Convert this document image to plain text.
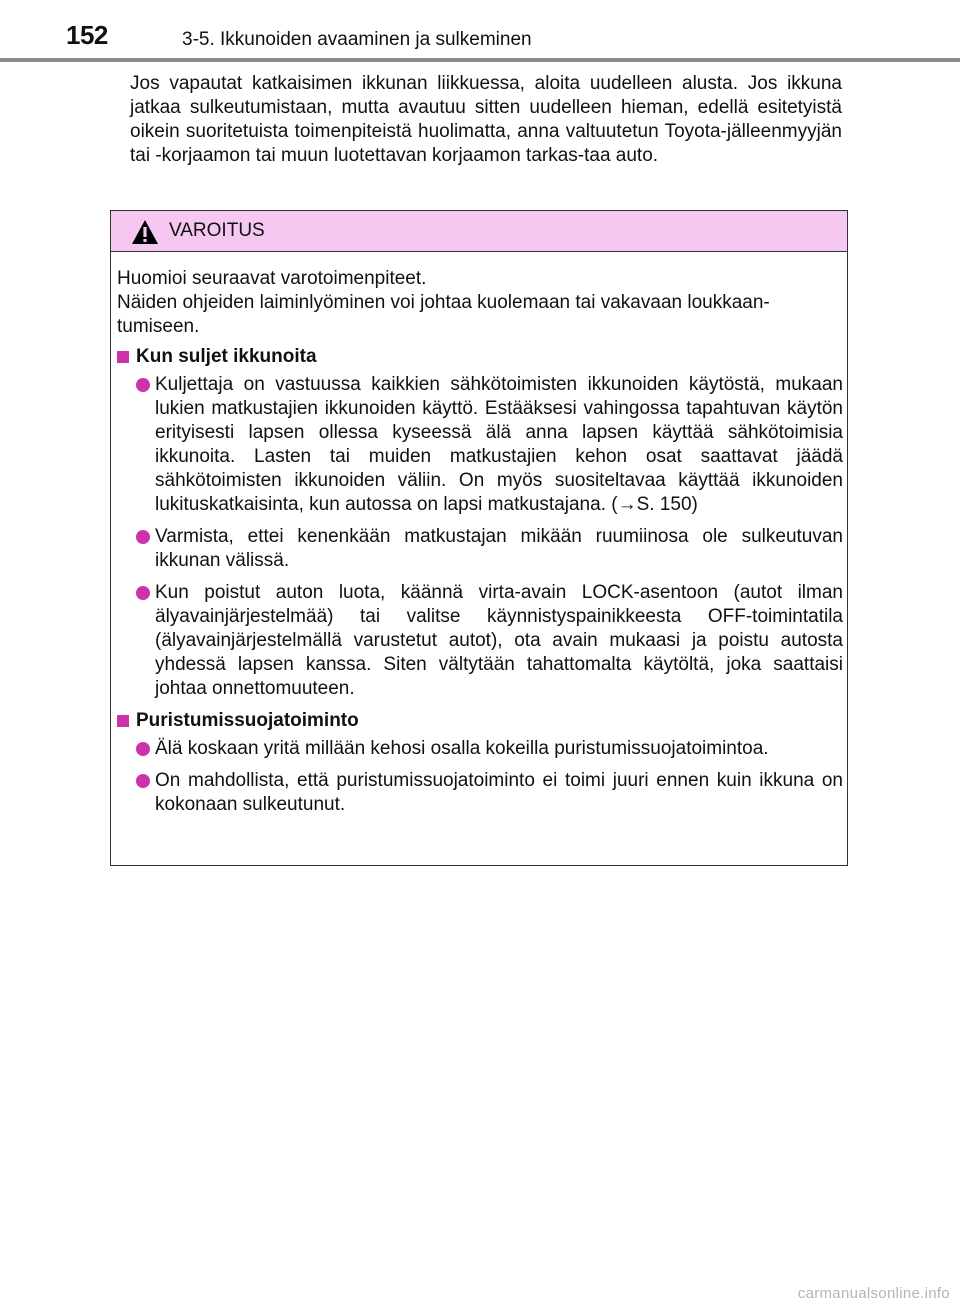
152	3-5. Ikkunoiden avaaminen ja sulkeminen

Jos vapautat katkaisimen ikkunan liikkuessa, aloita uudelleen alusta. Jos ikkuna jatkaa sulkeutumistaan, mutta avautuu sitten uudelleen hieman, edellä esitetyistä oikein suoritetuista toimenpiteistä huolimatta, anna valtuutetun Toyota-jälleenmyyjän tai -korjaamon tai muun luotettavan korjaamon tarkas-taa auto.

VAROITUS

Huomioi seuraavat varotoimenpiteet.

Näiden ohjeiden laiminlyöminen voi johtaa kuolemaan tai vakavaan loukkaan-tumiseen.

Kun suljet ikkunoita
Kuljettaja on vastuussa kaikkien sähkötoimisten ikkunoiden käytöstä, mukaan lukien matkustajien ikkunoiden käyttö. Estääksesi vahingossa tapahtuvan käytön erityisesti lapsen ollessa kyseessä älä anna lapsen käyttää sähkötoimisia ikkunoita. Lasten tai muiden matkustajien kehon osat saattavat jäädä sähkötoimisten ikkunoiden väliin. On myös suositeltavaa käyttää ikkunoiden lukituskatkaisinta, kun autossa on lapsi matkustajana. (→S. 150)
Varmista, ettei kenenkään matkustajan mikään ruumiinosa ole sulkeutuvan ikkunan välissä.
Kun poistut auton luota, käännä virta-avain LOCK-asentoon (autot ilman älyavainjärjestelmää) tai valitse käynnistyspainikkeesta OFF-toimintatila (älyavainjärjestelmällä varustetut autot), ota avain mukaasi ja poistu autosta yhdessä lapsen kanssa. Siten vältytään tahattomalta käytöltä, joka saattaisi johtaa onnettomuuteen.
Puristumissuojatoiminto
Älä koskaan yritä millään kehosi osalla kokeilla puristumissuojatoimintoa.
On mahdollista, että puristumissuojatoiminto ei toimi juuri ennen kuin ikkuna on kokonaan sulkeutunut.
carmanualsonline.info
